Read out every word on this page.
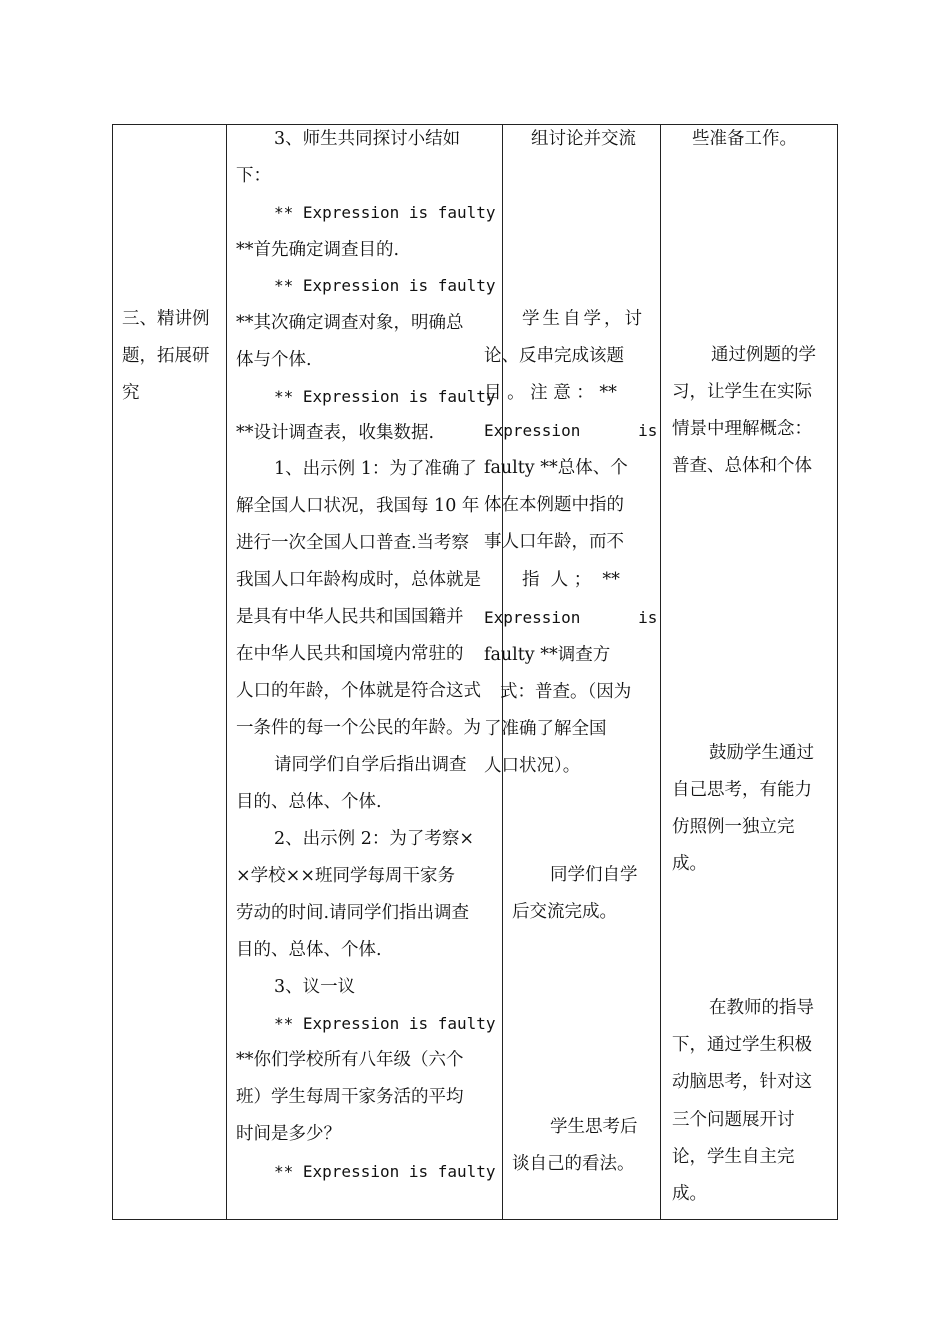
三、精讲例
题，拓展研
究
3、师生共同探讨小结如
下：
** Expression is faulty
**首先确定调查目的.
** Expression is faulty
**其次确定调查对象，明确总
体与个体.
** Expression is faulty
**设计调查表，收集数据.
1、出示例 1：为了准确了
解全国人口状况，我国每 10 年
进行一次全国人口普查.当考察
我国人口年龄构成时，总体就是
是具有中华人民共和国国籍并
在中华人民共和国境内常驻的
人口的年龄，个体就是符合这式
一条件的每一个公民的年龄。为
请同学们自学后指出调查
目的、总体、个体.
2、出示例 2：为了考察×
×学校××班同学每周干家务
劳动的时间.请同学们指出调查
目的、总体、个体.
3、议一议
** Expression is faulty
**你们学校所有八年级（六个
班）学生每周干家务活的平均
时间是多少？
** Expression is faulty
组讨论并交流
学生自学，讨
论、反串完成该题
目 。 注 意 ： **
Expression      is
faulty **总体、个
体在本例题中指的
事人口年龄，而不
指  人 ；  **
Expression      is
faulty **调查方
式：普查。（因为
了准确了解全国
人口状况）。
同学们自学
后交流完成。
学生思考后
谈自己的看法。
些准备工作。
通过例题的学
习，让学生在实际
情景中理解概念：
普查、总体和个体
鼓励学生通过
自己思考，有能力
仿照例一独立完
成。
在教师的指导
下，通过学生积极
动脑思考，针对这
三个问题展开讨
论，学生自主完
成。
